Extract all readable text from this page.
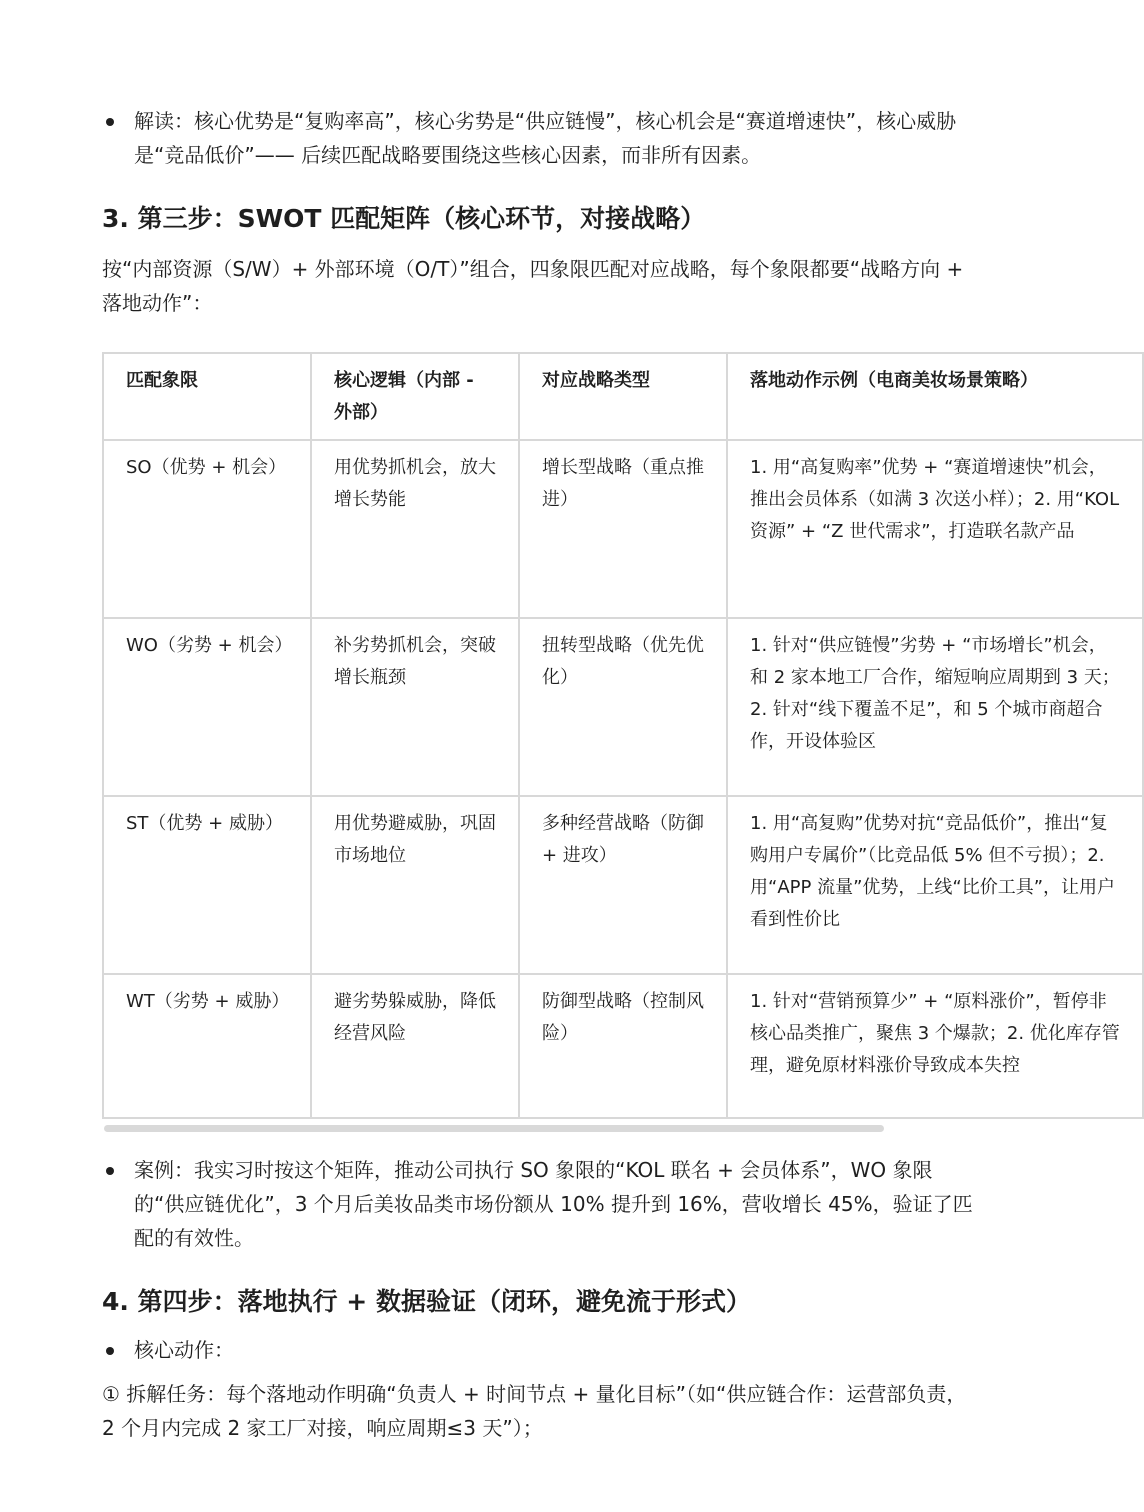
解读：核心优势是“复购率高”，核心劣势是“供应链慢”，核心机会是“赛道增速快”，核心威胁是“竞品低价”—— 后续匹配战略要围绕这些核心因素，而非所有因素。

3. 第三步：SWOT 匹配矩阵（核心环节，对接战略）

按“内部资源（S/W）+ 外部环境（O/T）”组合，四象限匹配对应战略，每个象限都要“战略方向 + 落地动作”：

匹配象限	核心逻辑（内部 - 外部）	对应战略类型	落地动作示例（电商美妆场景策略）
SO（优势 + 机会）	用优势抓机会，放大增长势能	增长型战略（重点推进）	1. 用“高复购率”优势 + “赛道增速快”机会，推出会员体系（如满 3 次送小样）；2. 用“KOL 资源” + “Z 世代需求”，打造联名款产品
WO（劣势 + 机会）	补劣势抓机会，突破增长瓶颈	扭转型战略（优先优化）	1. 针对“供应链慢”劣势 + “市场增长”机会，和 2 家本地工厂合作，缩短响应周期到 3 天；2. 针对“线下覆盖不足”，和 5 个城市商超合作，开设体验区
ST（优势 + 威胁）	用优势避威胁，巩固市场地位	多种经营战略（防御 + 进攻）	1. 用“高复购”优势对抗“竞品低价”，推出“复购用户专属价”（比竞品低 5% 但不亏损）；2. 用“APP 流量”优势，上线“比价工具”，让用户看到性价比
WT（劣势 + 威胁）	避劣势躲威胁，降低经营风险	防御型战略（控制风险）	1. 针对“营销预算少” + “原料涨价”，暂停非核心品类推广，聚焦 3 个爆款；2. 优化库存管理，避免原材料涨价导致成本失控

案例：我实习时按这个矩阵，推动公司执行 SO 象限的“KOL 联名 + 会员体系”，WO 象限的“供应链优化”，3 个月后美妆品类市场份额从 10% 提升到 16%，营收增长 45%，验证了匹配的有效性。

4. 第四步：落地执行 + 数据验证（闭环，避免流于形式）

核心动作：

① 拆解任务：每个落地动作明确“负责人 + 时间节点 + 量化目标”（如“供应链合作：运营部负责，2 个月内完成 2 家工厂对接，响应周期≤3 天”）；
